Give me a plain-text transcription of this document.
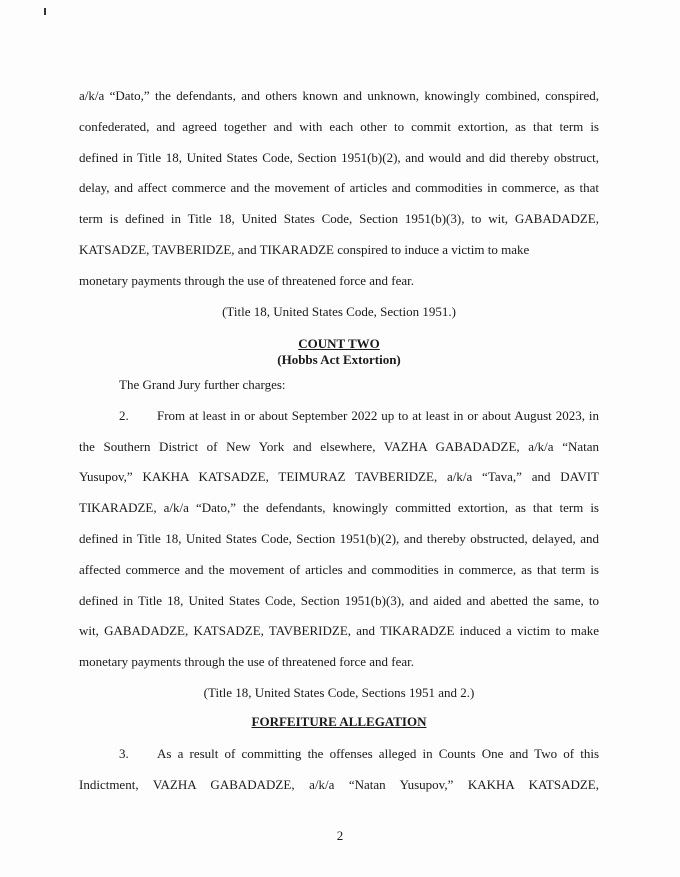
a/k/a “Dato,” the defendants, and others known and unknown, knowingly combined, conspired,
confederated, and agreed together and with each other to commit extortion, as that term is
defined in Title 18, United States Code, Section 1951(b)(2), and would and did thereby obstruct,
delay, and affect commerce and the movement of articles and commodities in commerce, as that
term is defined in Title 18, United States Code, Section 1951(b)(3), to wit, GABADADZE,
KATSADZE, TAVBERIDZE, and TIKARADZE conspired to induce a victim to make
monetary payments through the use of threatened force and fear.
(Title 18, United States Code, Section 1951.)
COUNT TWO
(Hobbs Act Extortion)
The Grand Jury further charges:
2. From at least in or about September 2022 up to at least in or about August 2023, in
the Southern District of New York and elsewhere, VAZHA GABADADZE, a/k/a “Natan
Yusupov,” KAKHA KATSADZE, TEIMURAZ TAVBERIDZE, a/k/a “Tava,” and DAVIT
TIKARADZE, a/k/a “Dato,” the defendants, knowingly committed extortion, as that term is
defined in Title 18, United States Code, Section 1951(b)(2), and thereby obstructed, delayed, and
affected commerce and the movement of articles and commodities in commerce, as that term is
defined in Title 18, United States Code, Section 1951(b)(3), and aided and abetted the same, to
wit, GABADADZE, KATSADZE, TAVBERIDZE, and TIKARADZE induced a victim to make
monetary payments through the use of threatened force and fear.
(Title 18, United States Code, Sections 1951 and 2.)
FORFEITURE ALLEGATION
3. As a result of committing the offenses alleged in Counts One and Two of this
Indictment, VAZHA GABADADZE, a/k/a “Natan Yusupov,” KAKHA KATSADZE,
2
